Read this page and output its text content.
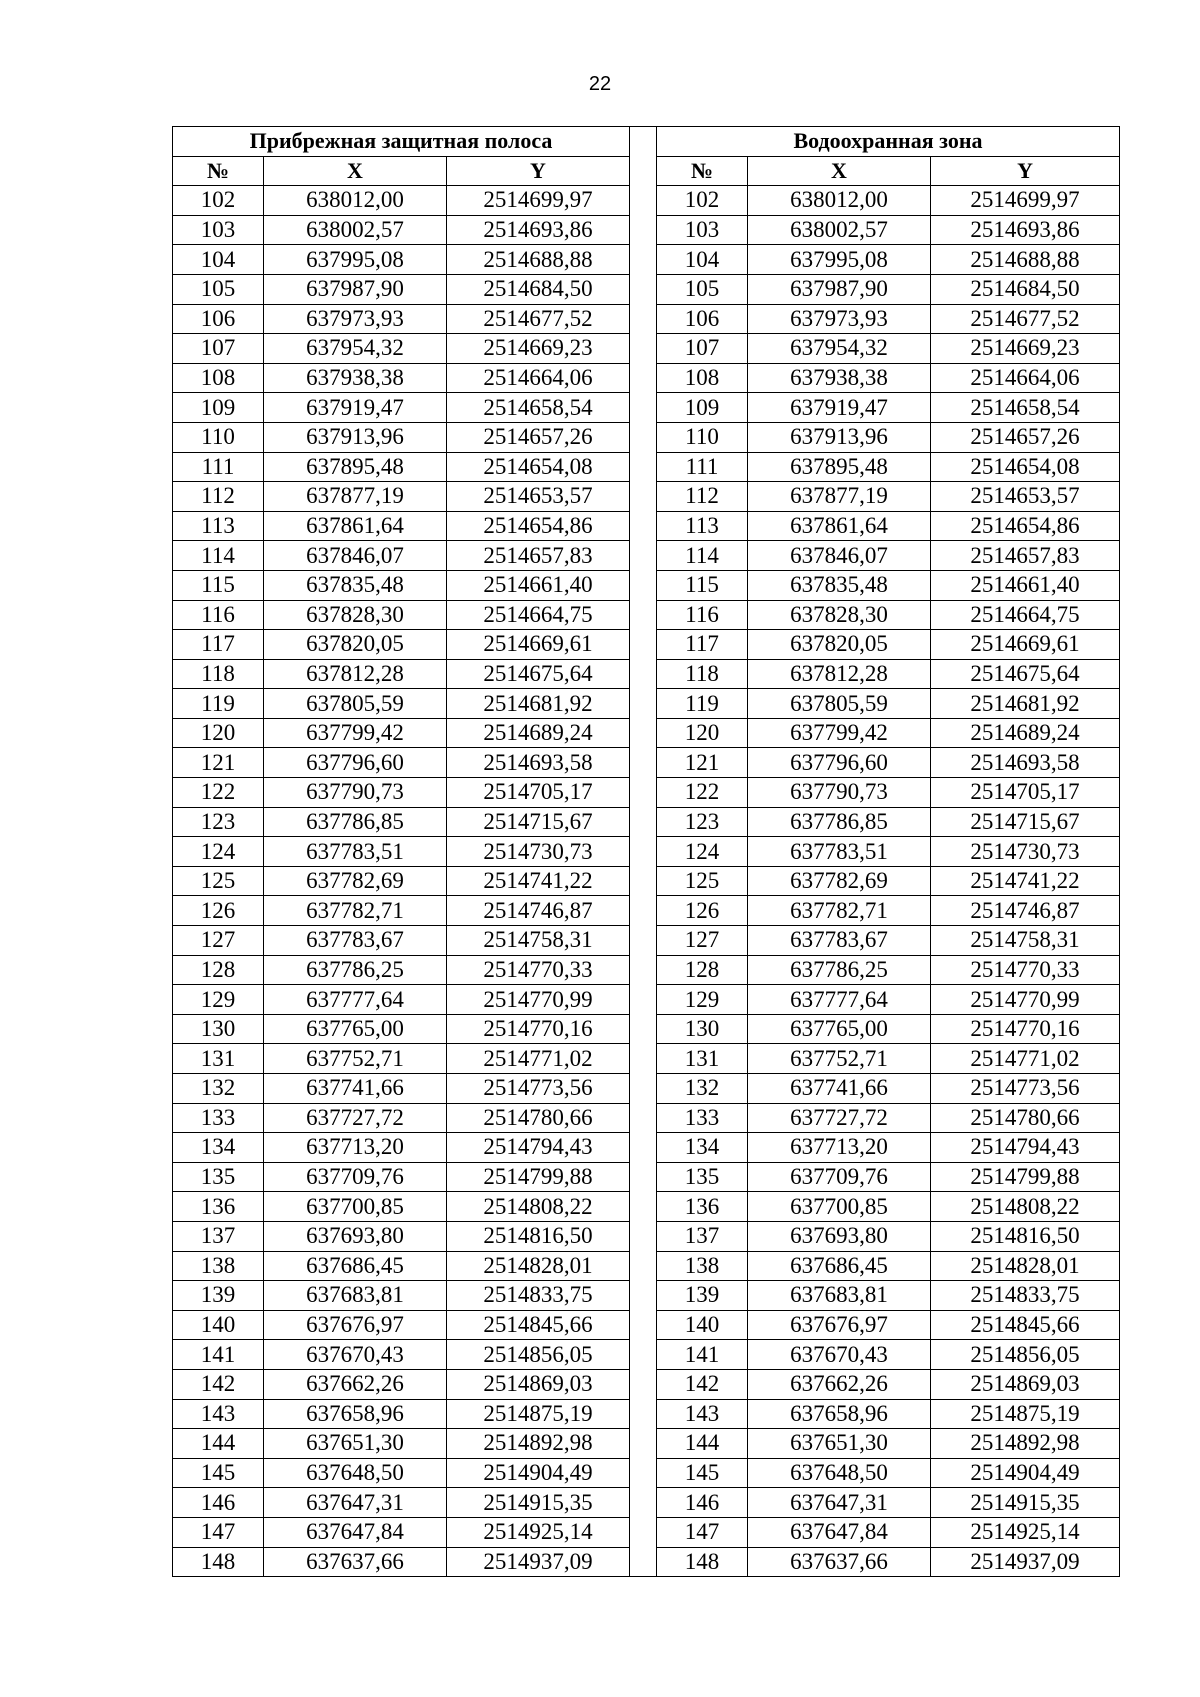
22
Прибрежная защитная полоса				Водоохранная зона		
№	X	Y		№	X	Y
102	638012,00	2514699,97		102	638012,00	2514699,97
103	638002,57	2514693,86		103	638002,57	2514693,86
104	637995,08	2514688,88		104	637995,08	2514688,88
105	637987,90	2514684,50		105	637987,90	2514684,50
106	637973,93	2514677,52		106	637973,93	2514677,52
107	637954,32	2514669,23		107	637954,32	2514669,23
108	637938,38	2514664,06		108	637938,38	2514664,06
109	637919,47	2514658,54		109	637919,47	2514658,54
110	637913,96	2514657,26		110	637913,96	2514657,26
111	637895,48	2514654,08		111	637895,48	2514654,08
112	637877,19	2514653,57		112	637877,19	2514653,57
113	637861,64	2514654,86		113	637861,64	2514654,86
114	637846,07	2514657,83		114	637846,07	2514657,83
115	637835,48	2514661,40		115	637835,48	2514661,40
116	637828,30	2514664,75		116	637828,30	2514664,75
117	637820,05	2514669,61		117	637820,05	2514669,61
118	637812,28	2514675,64		118	637812,28	2514675,64
119	637805,59	2514681,92		119	637805,59	2514681,92
120	637799,42	2514689,24		120	637799,42	2514689,24
121	637796,60	2514693,58		121	637796,60	2514693,58
122	637790,73	2514705,17		122	637790,73	2514705,17
123	637786,85	2514715,67		123	637786,85	2514715,67
124	637783,51	2514730,73		124	637783,51	2514730,73
125	637782,69	2514741,22		125	637782,69	2514741,22
126	637782,71	2514746,87		126	637782,71	2514746,87
127	637783,67	2514758,31		127	637783,67	2514758,31
128	637786,25	2514770,33		128	637786,25	2514770,33
129	637777,64	2514770,99		129	637777,64	2514770,99
130	637765,00	2514770,16		130	637765,00	2514770,16
131	637752,71	2514771,02		131	637752,71	2514771,02
132	637741,66	2514773,56		132	637741,66	2514773,56
133	637727,72	2514780,66		133	637727,72	2514780,66
134	637713,20	2514794,43		134	637713,20	2514794,43
135	637709,76	2514799,88		135	637709,76	2514799,88
136	637700,85	2514808,22		136	637700,85	2514808,22
137	637693,80	2514816,50		137	637693,80	2514816,50
138	637686,45	2514828,01		138	637686,45	2514828,01
139	637683,81	2514833,75		139	637683,81	2514833,75
140	637676,97	2514845,66		140	637676,97	2514845,66
141	637670,43	2514856,05		141	637670,43	2514856,05
142	637662,26	2514869,03		142	637662,26	2514869,03
143	637658,96	2514875,19		143	637658,96	2514875,19
144	637651,30	2514892,98		144	637651,30	2514892,98
145	637648,50	2514904,49		145	637648,50	2514904,49
146	637647,31	2514915,35		146	637647,31	2514915,35
147	637647,84	2514925,14		147	637647,84	2514925,14
148	637637,66	2514937,09		148	637637,66	2514937,09
